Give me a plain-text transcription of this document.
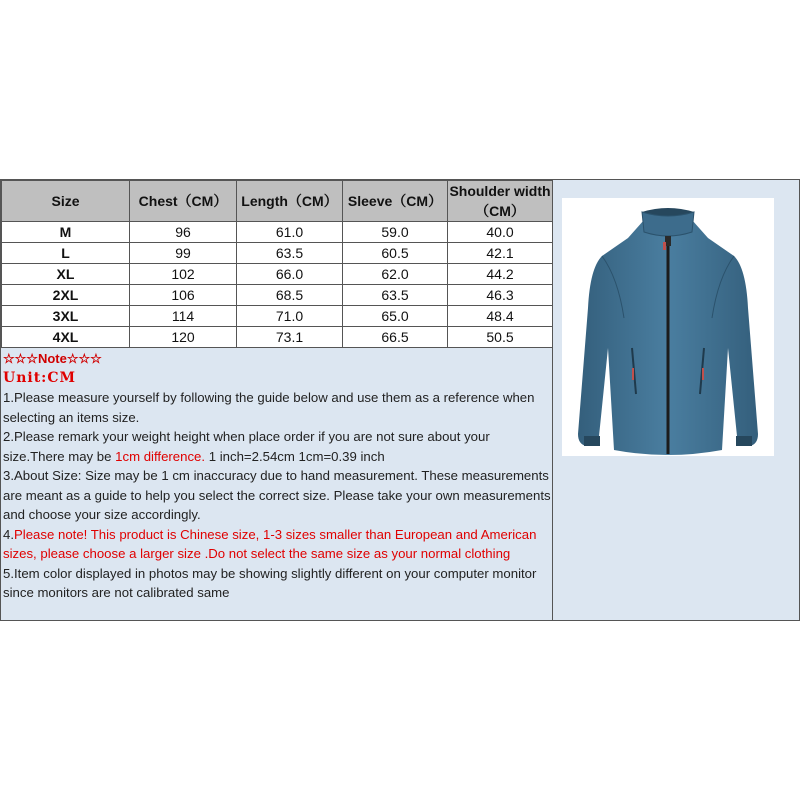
Size	Chest（CM）	Length（CM）	Sleeve（CM）	Shoulder width（CM）
M	96	61.0	59.0	40.0
L	99	63.5	60.5	42.1
XL	102	66.0	62.0	44.2
2XL	106	68.5	63.5	46.3
3XL	114	71.0	65.0	48.4
4XL	120	73.1	66.5	50.5
☆☆☆Note☆☆☆
Unit:CM
1.Please measure yourself by following the guide below and use them as a reference when selecting an items size.
2.Please remark your weight height when place order if you are not sure about your size.There may be 1cm difference. 1 inch=2.54cm 1cm=0.39 inch
3.About Size: Size may be 1 cm inaccuracy due to hand measurement. These measurements are meant as a guide to help you select the correct size. Please take your own measurements and choose your size accordingly.
4.Please note! This product is Chinese size, 1-3 sizes smaller than European and American sizes, please choose a larger size .Do not select the same size as your normal clothing
5.Item color displayed in photos may be showing slightly different on your computer monitor since monitors are not calibrated same
